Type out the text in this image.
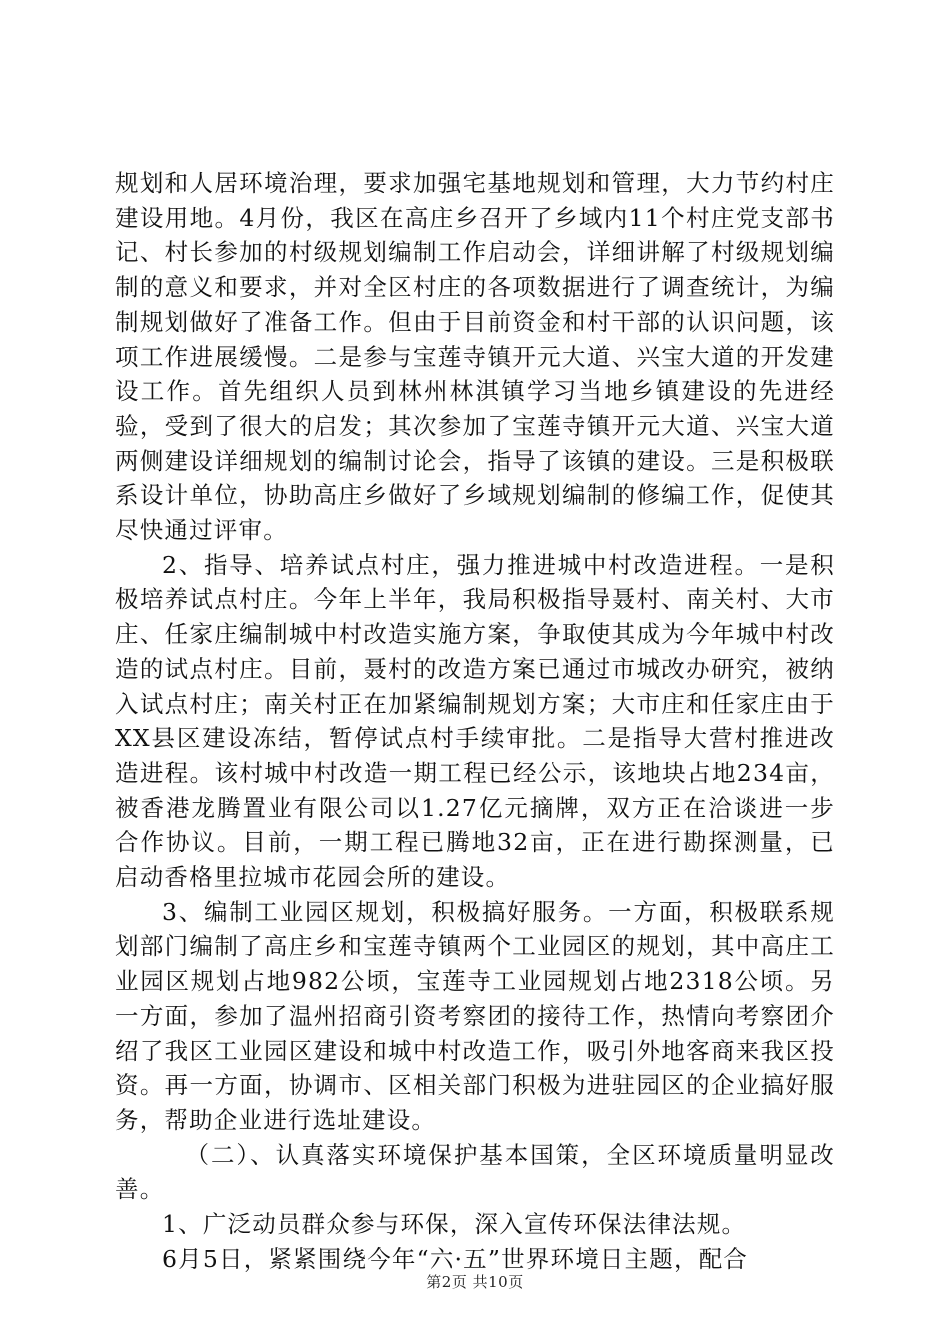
规划和人居环境治理，要求加强宅基地规划和管理，大力节约村庄建设用地。4月份，我区在高庄乡召开了乡域内11个村庄党支部书记、村长参加的村级规划编制工作启动会，详细讲解了村级规划编制的意义和要求，并对全区村庄的各项数据进行了调查统计，为编制规划做好了准备工作。但由于目前资金和村干部的认识问题，该项工作进展缓慢。二是参与宝莲寺镇开元大道、兴宝大道的开发建设工作。首先组织人员到林州林淇镇学习当地乡镇建设的先进经验，受到了很大的启发；其次参加了宝莲寺镇开元大道、兴宝大道两侧建设详细规划的编制讨论会，指导了该镇的建设。三是积极联系设计单位，协助高庄乡做好了乡域规划编制的修编工作，促使其尽快通过评审。

2、指导、培养试点村庄，强力推进城中村改造进程。一是积极培养试点村庄。今年上半年，我局积极指导聂村、南关村、大市庄、任家庄编制城中村改造实施方案，争取使其成为今年城中村改造的试点村庄。目前，聂村的改造方案已通过市城改办研究，被纳入试点村庄；南关村正在加紧编制规划方案；大市庄和任家庄由于XX县区建设冻结，暂停试点村手续审批。二是指导大营村推进改造进程。该村城中村改造一期工程已经公示，该地块占地234亩，被香港龙腾置业有限公司以1.27亿元摘牌，双方正在洽谈进一步合作协议。目前，一期工程已腾地32亩，正在进行勘探测量，已启动香格里拉城市花园会所的建设。

3、编制工业园区规划，积极搞好服务。一方面，积极联系规划部门编制了高庄乡和宝莲寺镇两个工业园区的规划，其中高庄工业园区规划占地982公顷，宝莲寺工业园规划占地2318公顷。另一方面，参加了温州招商引资考察团的接待工作，热情向考察团介绍了我区工业园区建设和城中村改造工作，吸引外地客商来我区投资。再一方面，协调市、区相关部门积极为进驻园区的企业搞好服务，帮助企业进行选址建设。

（二）、认真落实环境保护基本国策，全区环境质量明显改善。

1、广泛动员群众参与环保，深入宣传环保法律法规。

6月5日，紧紧围绕今年“六·五”世界环境日主题，配合

第2页 共10页
